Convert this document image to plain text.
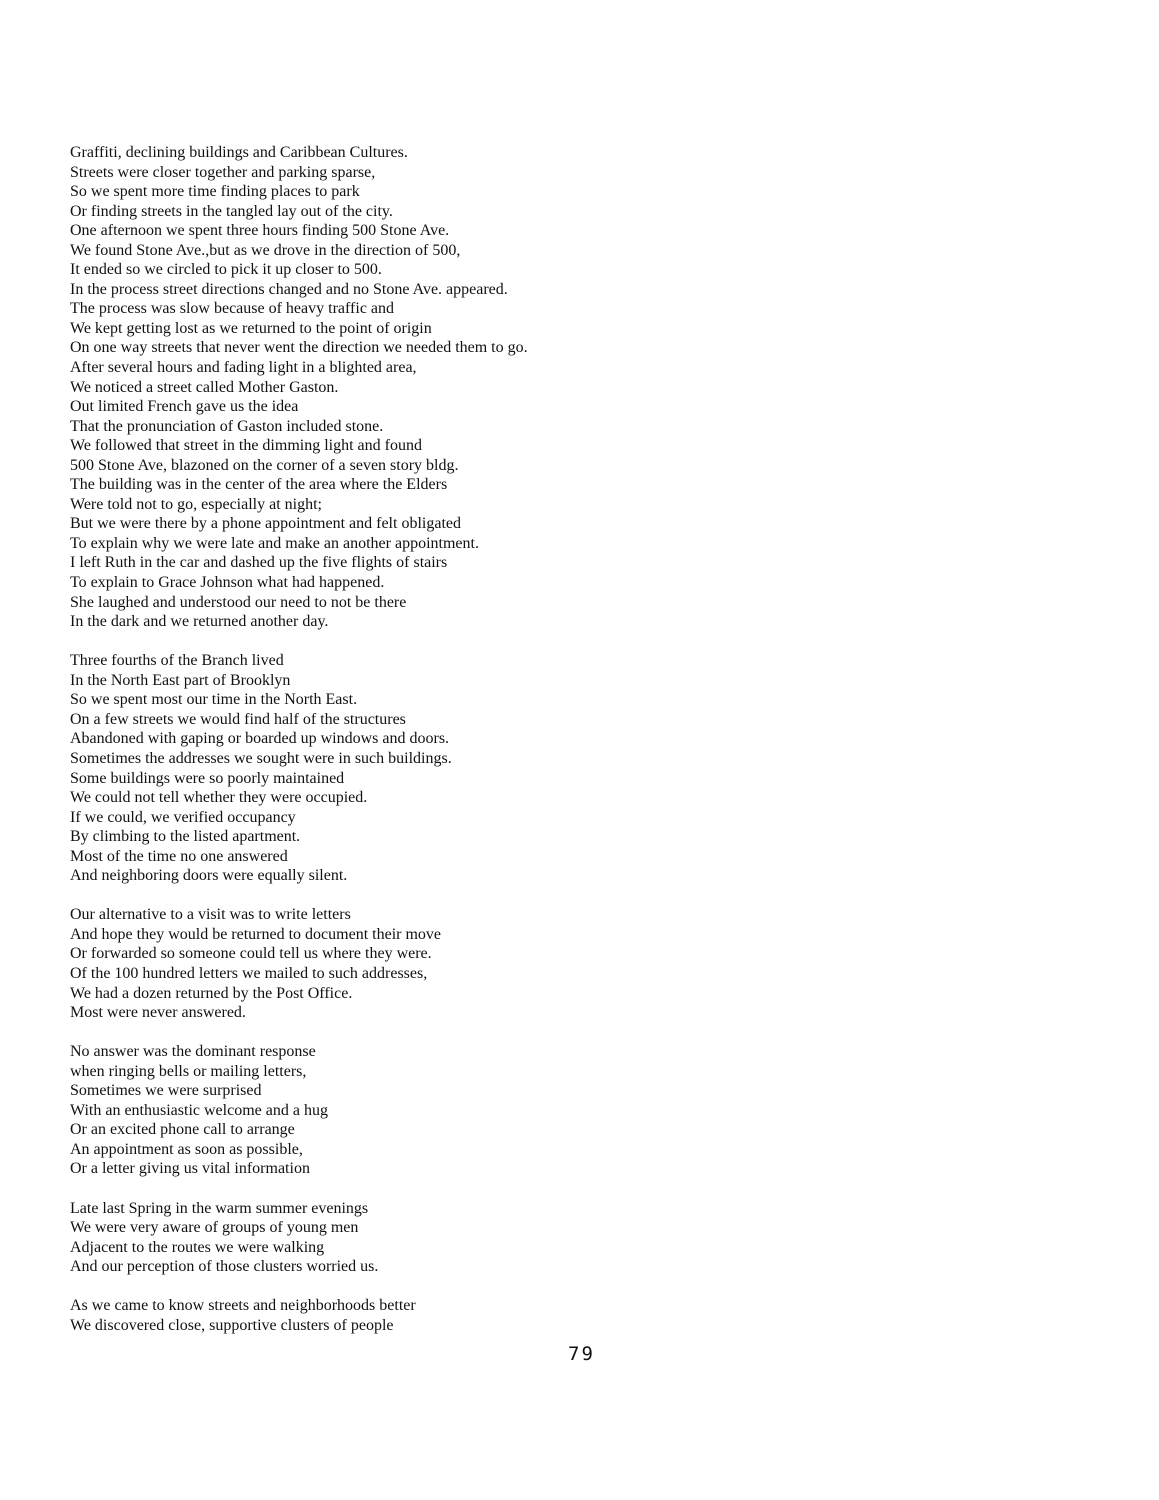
Graffiti, declining buildings and Caribbean Cultures.
Streets were closer together and parking sparse,
So we spent more time finding places to park
Or finding streets in the tangled lay out of the city.
One afternoon we spent three hours finding 500 Stone Ave.
We found Stone Ave.,but as we drove in the direction of 500,
It ended so we circled to pick it up closer to 500.
In the process street directions changed and no Stone Ave. appeared.
The process was slow because of heavy traffic and
We kept getting lost as we returned to the point of origin
On one way streets that never went the direction we needed them to go.
After several hours and fading light in a blighted area,
We noticed a street called Mother Gaston.
Out limited French gave us the idea
That the pronunciation of Gaston included stone.
We followed that street in the dimming light and found
500 Stone Ave, blazoned on the corner of a seven story bldg.
The building was in the center of the area where the Elders
Were told not to go, especially at night;
But we were there by a phone appointment and felt obligated
To explain why we were late and make an another appointment.
I left Ruth in the car and dashed up the five flights of stairs
To explain to Grace Johnson what had happened.
She laughed and understood our need to not be there
In the dark and we returned another day.
Three fourths of the Branch lived
In the North East part of Brooklyn
So we spent most our time in the North East.
On a few streets we would find half of the structures
Abandoned with gaping or boarded up windows and doors.
Sometimes the addresses we sought were in such buildings.
Some buildings were so poorly maintained
We could not tell whether they were occupied.
If we could, we verified occupancy
By climbing to the listed apartment.
Most of the time no one answered
And neighboring doors were equally silent.
Our alternative to a visit was to write letters
And hope they would be returned to document their move
Or forwarded so someone could tell us where they were.
Of the 100 hundred letters we mailed to such addresses,
We had a dozen returned by the Post Office.
Most were never answered.
No answer was the dominant response
when ringing bells or mailing letters,
Sometimes we were surprised
With an enthusiastic welcome and a hug
Or an excited phone call to arrange
An appointment as soon as possible,
Or a letter giving us vital information
Late last Spring in the warm summer evenings
We were very aware of groups of young men
Adjacent to the routes we were walking
And our perception of those clusters worried us.
As we came to know streets and neighborhoods better
We discovered close, supportive clusters of people
79
